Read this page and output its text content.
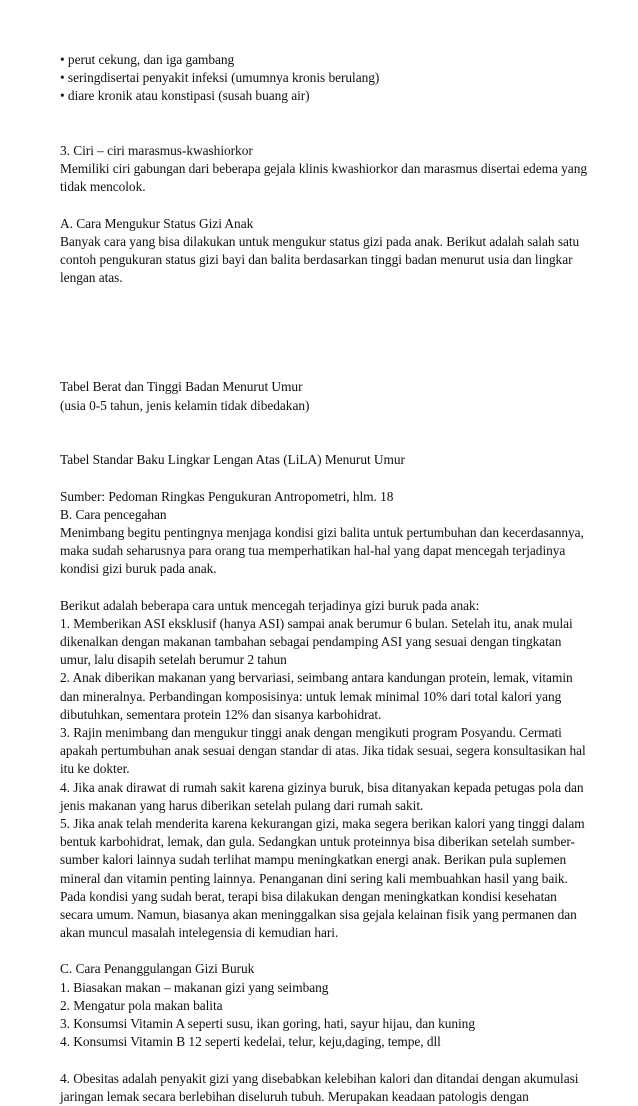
• perut cekung, dan iga gambang
• seringdisertai penyakit infeksi (umumnya kronis berulang)
• diare kronik atau konstipasi (susah buang air)
3. Ciri – ciri marasmus-kwashiorkor
Memiliki ciri gabungan dari beberapa gejala klinis kwashiorkor dan marasmus disertai edema yang
tidak mencolok.
A. Cara Mengukur Status Gizi Anak
Banyak cara yang bisa dilakukan untuk mengukur status gizi pada anak. Berikut adalah salah satu
contoh pengukuran status gizi bayi dan balita berdasarkan tinggi badan menurut usia dan lingkar
lengan atas.
Tabel Berat dan Tinggi Badan Menurut Umur
(usia 0-5 tahun, jenis kelamin tidak dibedakan)
Tabel Standar Baku Lingkar Lengan Atas (LiLA) Menurut Umur
Sumber: Pedoman Ringkas Pengukuran Antropometri, hlm. 18
B. Cara pencegahan
Menimbang begitu pentingnya menjaga kondisi gizi balita untuk pertumbuhan dan kecerdasannya,
maka sudah seharusnya para orang tua memperhatikan hal-hal yang dapat mencegah terjadinya
kondisi gizi buruk pada anak.
Berikut adalah beberapa cara untuk mencegah terjadinya gizi buruk pada anak:
1. Memberikan ASI eksklusif (hanya ASI) sampai anak berumur 6 bulan. Setelah itu, anak mulai
dikenalkan dengan makanan tambahan sebagai pendamping ASI yang sesuai dengan tingkatan
umur, lalu disapih setelah berumur 2 tahun
2. Anak diberikan makanan yang bervariasi, seimbang antara kandungan protein, lemak, vitamin
dan mineralnya. Perbandingan komposisinya: untuk lemak minimal 10% dari total kalori yang
dibutuhkan, sementara protein 12% dan sisanya karbohidrat.
3. Rajin menimbang dan mengukur tinggi anak dengan mengikuti program Posyandu. Cermati
apakah pertumbuhan anak sesuai dengan standar di atas. Jika tidak sesuai, segera konsultasikan hal
itu ke dokter.
4. Jika anak dirawat di rumah sakit karena gizinya buruk, bisa ditanyakan kepada petugas pola dan
jenis makanan yang harus diberikan setelah pulang dari rumah sakit.
5. Jika anak telah menderita karena kekurangan gizi, maka segera berikan kalori yang tinggi dalam
bentuk karbohidrat, lemak, dan gula. Sedangkan untuk proteinnya bisa diberikan setelah sumber-
sumber kalori lainnya sudah terlihat mampu meningkatkan energi anak. Berikan pula suplemen
mineral dan vitamin penting lainnya. Penanganan dini sering kali membuahkan hasil yang baik.
Pada kondisi yang sudah berat, terapi bisa dilakukan dengan meningkatkan kondisi kesehatan
secara umum. Namun, biasanya akan meninggalkan sisa gejala kelainan fisik yang permanen dan
akan muncul masalah intelegensia di kemudian hari.
C. Cara Penanggulangan Gizi Buruk
1. Biasakan makan – makanan gizi yang seimbang
2. Mengatur pola makan balita
3. Konsumsi Vitamin A seperti susu, ikan goring, hati, sayur hijau, dan kuning
4. Konsumsi Vitamin B 12 seperti kedelai, telur, keju,daging, tempe, dll
4. Obesitas adalah penyakit gizi yang disebabkan kelebihan kalori dan ditandai dengan akumulasi
jaringan lemak secara berlebihan diseluruh tubuh. Merupakan keadaan patologis dengan
